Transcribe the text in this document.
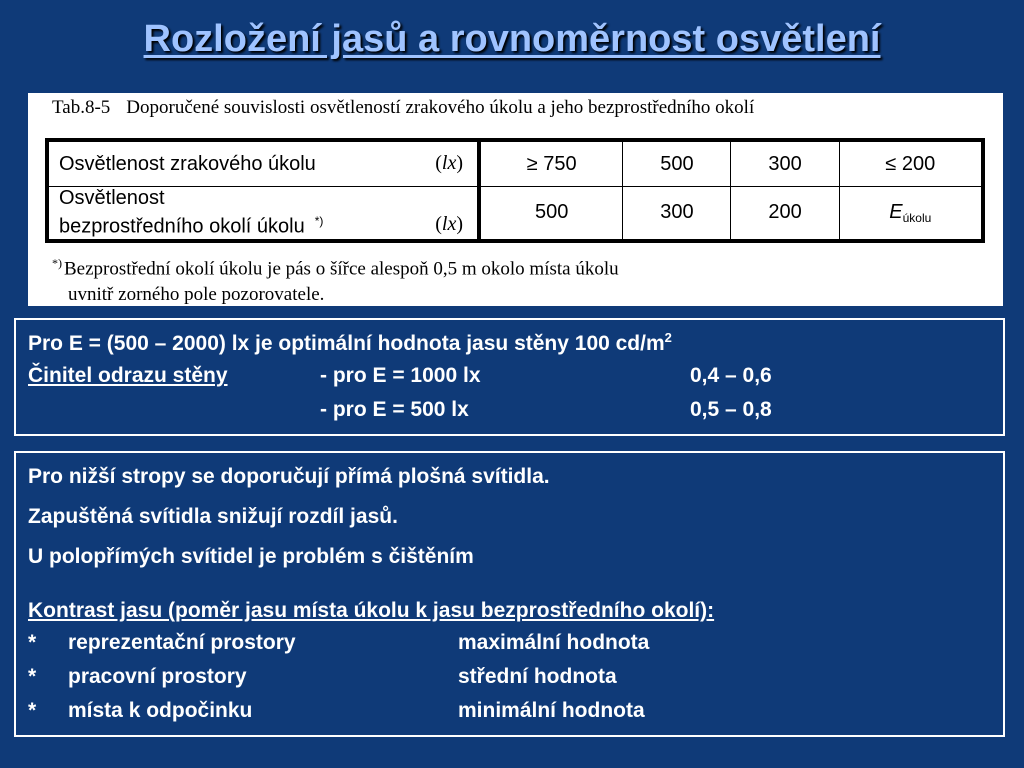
Rozložení jasů a rovnoměrnost osvětlení
Tab.8-5 Doporučené souvislosti osvětleností zrakového úkolu a jeho bezprostředního okolí
Osvětlenost zrakového úkolu (lx)	≥ 750	500	300	≤ 200
Osvětlenost
bezprostředního okolí úkolu *) (lx)	500	300	200	$E_{úkolu}$
*) Bezprostřední okolí úkolu je pás o šířce alespoň 0,5 m okolo místa úkolu
uvnitř zorného pole pozorovatele.
Pro E = (500 – 2000) lx je optimální hodnota jasu stěny 100 $cd/m^2$
Činitel odrazu stěny	- pro E = 1000 lx	0,4 – 0,6
- pro E = 500 lx	0,5 – 0,8
Pro nižší stropy se doporučují přímá plošná svítidla.
Zapuštěná svítidla snižují rozdíl jasů.
U polopřímých svítidel je problém s čištěním
Kontrast jasu (poměr jasu místa úkolu k jasu bezprostředního okolí):
* reprezentační prostory	maximální hodnota
* pracovní prostory	střední hodnota
* místa k odpočinku	minimální hodnota
